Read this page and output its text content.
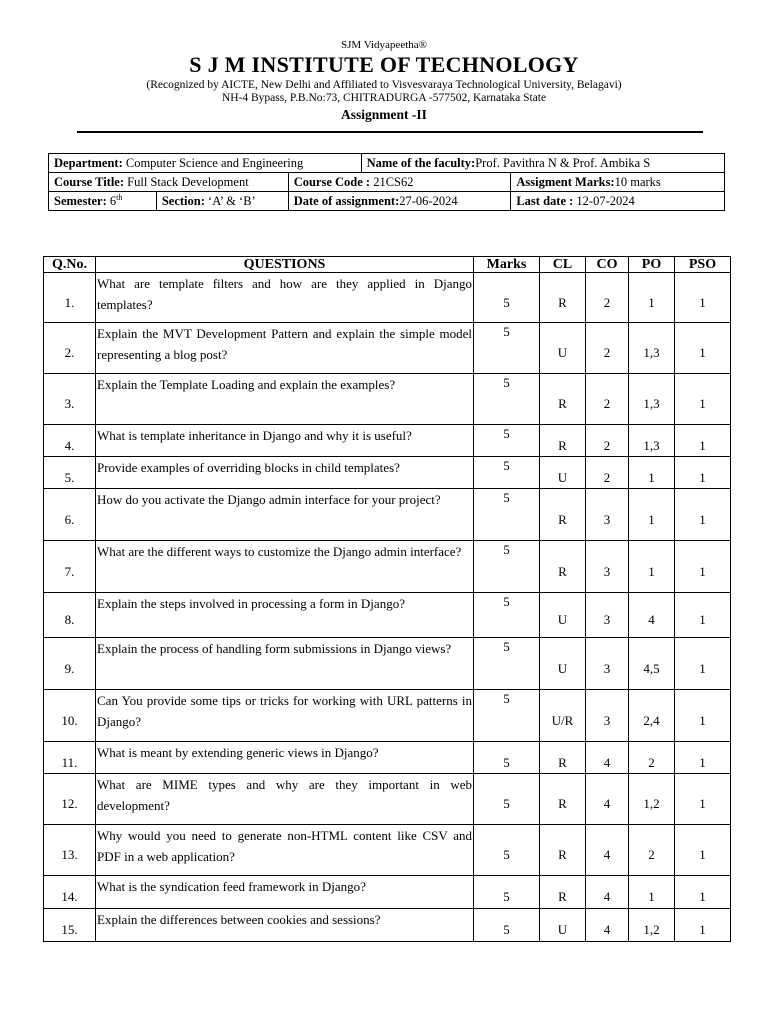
SJM Vidyapeetha®
S J M INSTITUTE OF TECHNOLOGY
(Recognized by AICTE, New Delhi and Affiliated to Visvesvaraya Technological University, Belagavi)
NH-4 Bypass, P.B.No:73, CHITRADURGA -577502, Karnataka State
Assignment -II
Department: Computer Science and Engineering			Name of the faculty:Prof. Pavithra N & Prof. Ambika S	
Course Title: Full Stack Development		Course Code : 21CS62		Assigment Marks:10 marks
Semester: 6th	Section: ‘A’ & ‘B’	Date of assignment:27-06-2024		Last date : 12-07-2024
Q.No.	QUESTIONS	Marks	CL	CO	PO	PSO
1.	What are template filters and how are they applied in Django templates?	5	R	2	1	1
2.	Explain the MVT Development Pattern and explain the simple model representing a blog post?	5	U	2	1,3	1
3.	Explain the Template Loading and explain the examples?	5	R	2	1,3	1
4.	What is template inheritance in Django and why it is useful?	5	R	2	1,3	1
5.	Provide examples of overriding blocks in child templates?	5	U	2	1	1
6.	How do you activate the Django admin interface for your project?	5	R	3	1	1
7.	What are the different ways to customize the Django admin interface?	5	R	3	1	1
8.	Explain the steps involved in processing a form in Django?	5	U	3	4	1
9.	Explain the process of handling form submissions in Django views?	5	U	3	4,5	1
10.	Can You provide some tips or tricks for working with URL patterns in Django?	5	U/R	3	2,4	1
11.	What is meant by extending generic views in Django?	5	R	4	2	1
12.	What are MIME types and why are they important in web development?	5	R	4	1,2	1
13.	Why would you need to generate non-HTML content like CSV and PDF in a web application?	5	R	4	2	1
14.	What is the syndication feed framework in Django?	5	R	4	1	1
15.	Explain the differences between cookies and sessions?	5	U	4	1,2	1
